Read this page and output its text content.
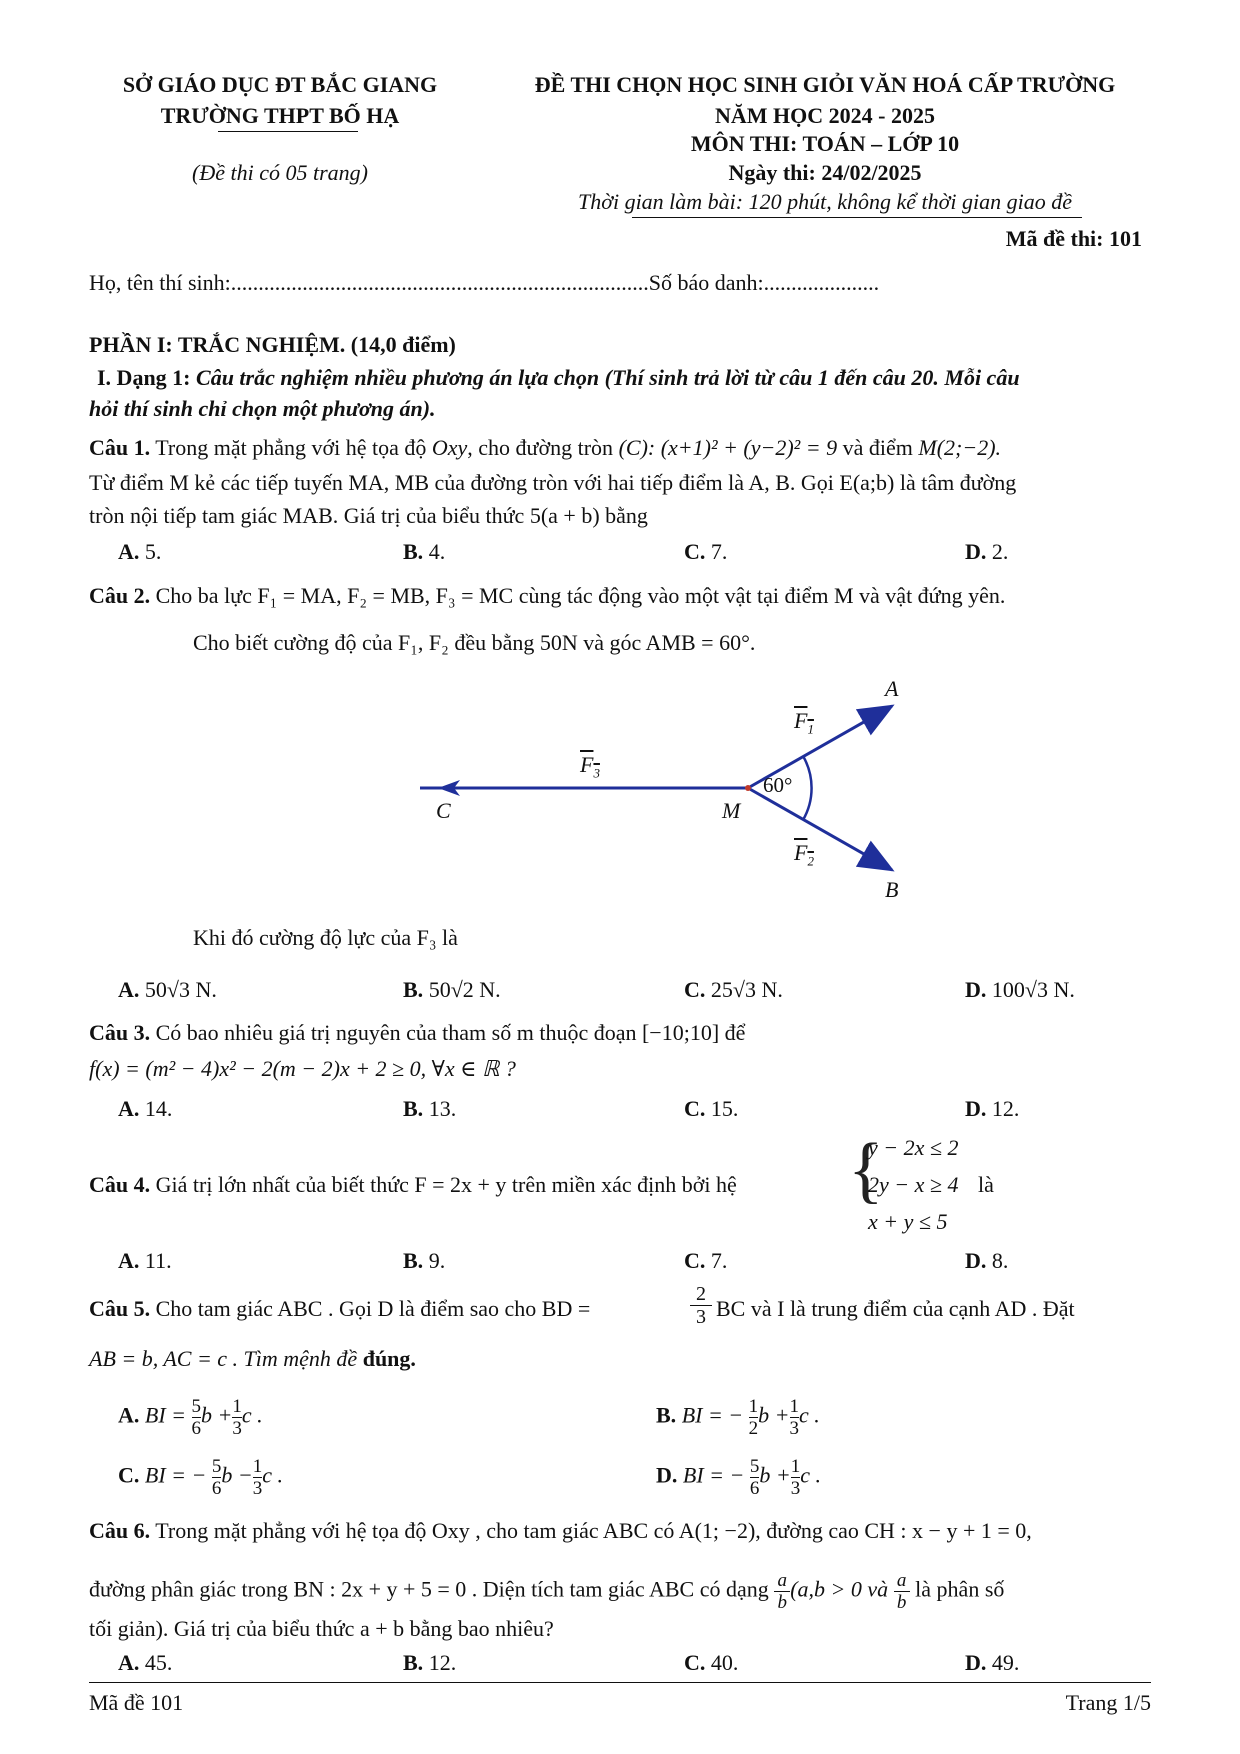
SỞ GIÁO DỤC ĐT BẮC GIANG
TRƯỜNG THPT BỐ HẠ
(Đề thi có 05 trang)
ĐỀ THI CHỌN HỌC SINH GIỎI VĂN HOÁ CẤP TRƯỜNG
NĂM HỌC 2024 - 2025
MÔN THI: TOÁN – LỚP 10
Ngày thi: 24/02/2025
Thời gian làm bài: 120 phút, không kể thời gian giao đề
Mã đề thi: 101
Họ, tên thí sinh:............................................................................Số báo danh:.....................
PHẦN I: TRẮC NGHIỆM. (14,0 điểm)
I. Dạng 1: Câu trắc nghiệm nhiều phương án lựa chọn (Thí sinh trả lời từ câu 1 đến câu 20. Mỗi câu
hỏi thí sinh chỉ chọn một phương án).
Câu 1. Trong mặt phẳng với hệ tọa độ Oxy, cho đường tròn (C): (x+1)² + (y−2)² = 9 và điểm M(2;−2).
Từ điểm M kẻ các tiếp tuyến MA, MB của đường tròn với hai tiếp điểm là A, B. Gọi E(a;b) là tâm đường
tròn nội tiếp tam giác MAB. Giá trị của biểu thức 5(a + b) bằng
A. 5.	B. 4.	C. 7.	D. 2.
Câu 2. Cho ba lực F₁ = MA, F₂ = MB, F₃ = MC cùng tác động vào một vật tại điểm M và vật đứng yên.
Cho biết cường độ của F₁, F₂ đều bằng 50N và góc AMB = 60°.
A
B
C	M
60°
$F_1$
$F_2$
$F_3$
Khi đó cường độ lực của F₃ là
A. 50√3 N.	B. 50√2 N.	C. 25√3 N.	D. 100√3 N.
Câu 3. Có bao nhiêu giá trị nguyên của tham số m thuộc đoạn [−10;10] để
f(x) = (m² − 4)x² − 2(m − 2)x + 2 ≥ 0, ∀x ∈ ℝ ?
A. 14.	B. 13.	C. 15.	D. 12.
Câu 4. Giá trị lớn nhất của biết thức F = 2x + y trên miền xác định bởi hệ {
y − 2x ≤ 2
2y − x ≥ 4
x + y ≤ 5
là
A. 11.	B. 9.	C. 7.	D. 8.
Câu 5. Cho tam giác ABC . Gọi D là điểm sao cho BD =
2
3 BC và I là trung điểm của cạnh AD . Đặt
AB = b, AC = c . Tìm mệnh đề đúng.
A. BI = $\frac{5}{6}$ $b + \frac{1}{3}$ c .	B. BI = − $\frac{1}{2}$ $b + \frac{1}{3}$ c .
C. BI = − $\frac{5}{6}$ $b - \frac{1}{3}$ c .	D. BI = − $\frac{5}{6}$ $b + \frac{1}{3}$ c .
Câu 6. Trong mặt phẳng với hệ tọa độ Oxy , cho tam giác ABC có A(1; −2), đường cao CH : x − y + 1 = 0,
đường phân giác trong BN : 2x + y + 5 = 0 . Diện tích tam giác ABC có dạng $\frac{a}{b} (a,b > 0$ và $\frac{a}{b}$ là phân số
tối giản). Giá trị của biểu thức a + b bằng bao nhiêu?
A. 45.	B. 12.	C. 40.	D. 49.
Mã đề 101	Trang 1/5
